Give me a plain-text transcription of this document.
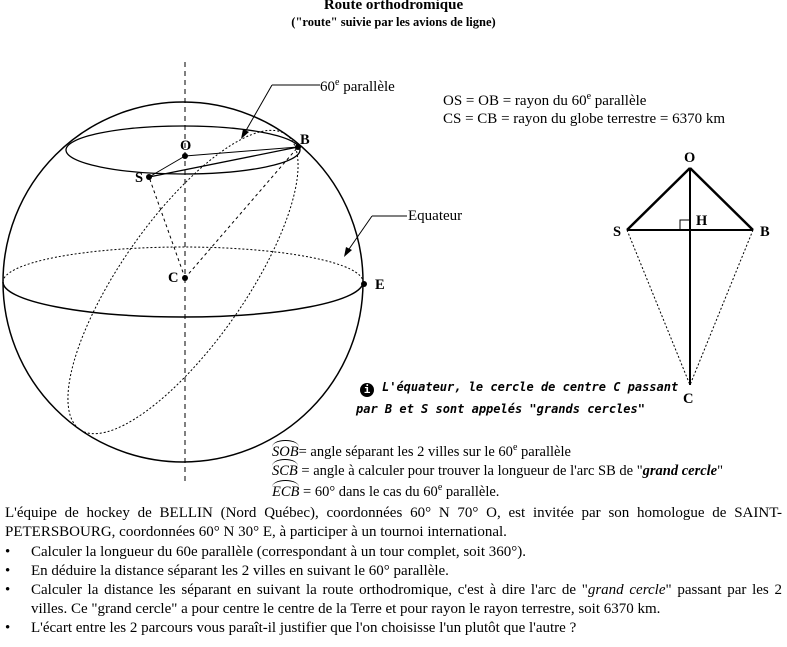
Route orthodromique
("route" suivie par les avions de ligne)
O
S
B
C	E
60e parallèle
Equateur
OS = OB = rayon du 60e parallèle
CS = CB = rayon du globe terrestre = 6370 km
O
S
H
B
C
i L'équateur, le cercle de centre C passant
par B et S sont appelés "grands cercles"
SOB= angle séparant les 2 villes sur le 60e parallèle
SCB = angle à calculer pour trouver la longueur de l'arc SB de "grand cercle"
ECB = 60° dans le cas du 60e parallèle.
L'équipe de hockey de BELLIN (Nord Québec), coordonnées 60° N 70° O, est invitée par son homologue de SAINT-PETERSBOURG, coordonnées 60° N 30° E, à participer à un tournoi international.
• Calculer la longueur du 60e parallèle (correspondant à un tour complet, soit 360°).
• En déduire la distance séparant les 2 villes en suivant le 60° parallèle.
• Calculer la distance les séparant en suivant la route orthodromique, c'est à dire l'arc de "grand cercle" passant par les 2 villes. Ce "grand cercle" a pour centre le centre de la Terre et pour rayon le rayon terrestre, soit 6370 km.
• L'écart entre les 2 parcours vous paraît-il justifier que l'on choisisse l'un plutôt que l'autre ?
